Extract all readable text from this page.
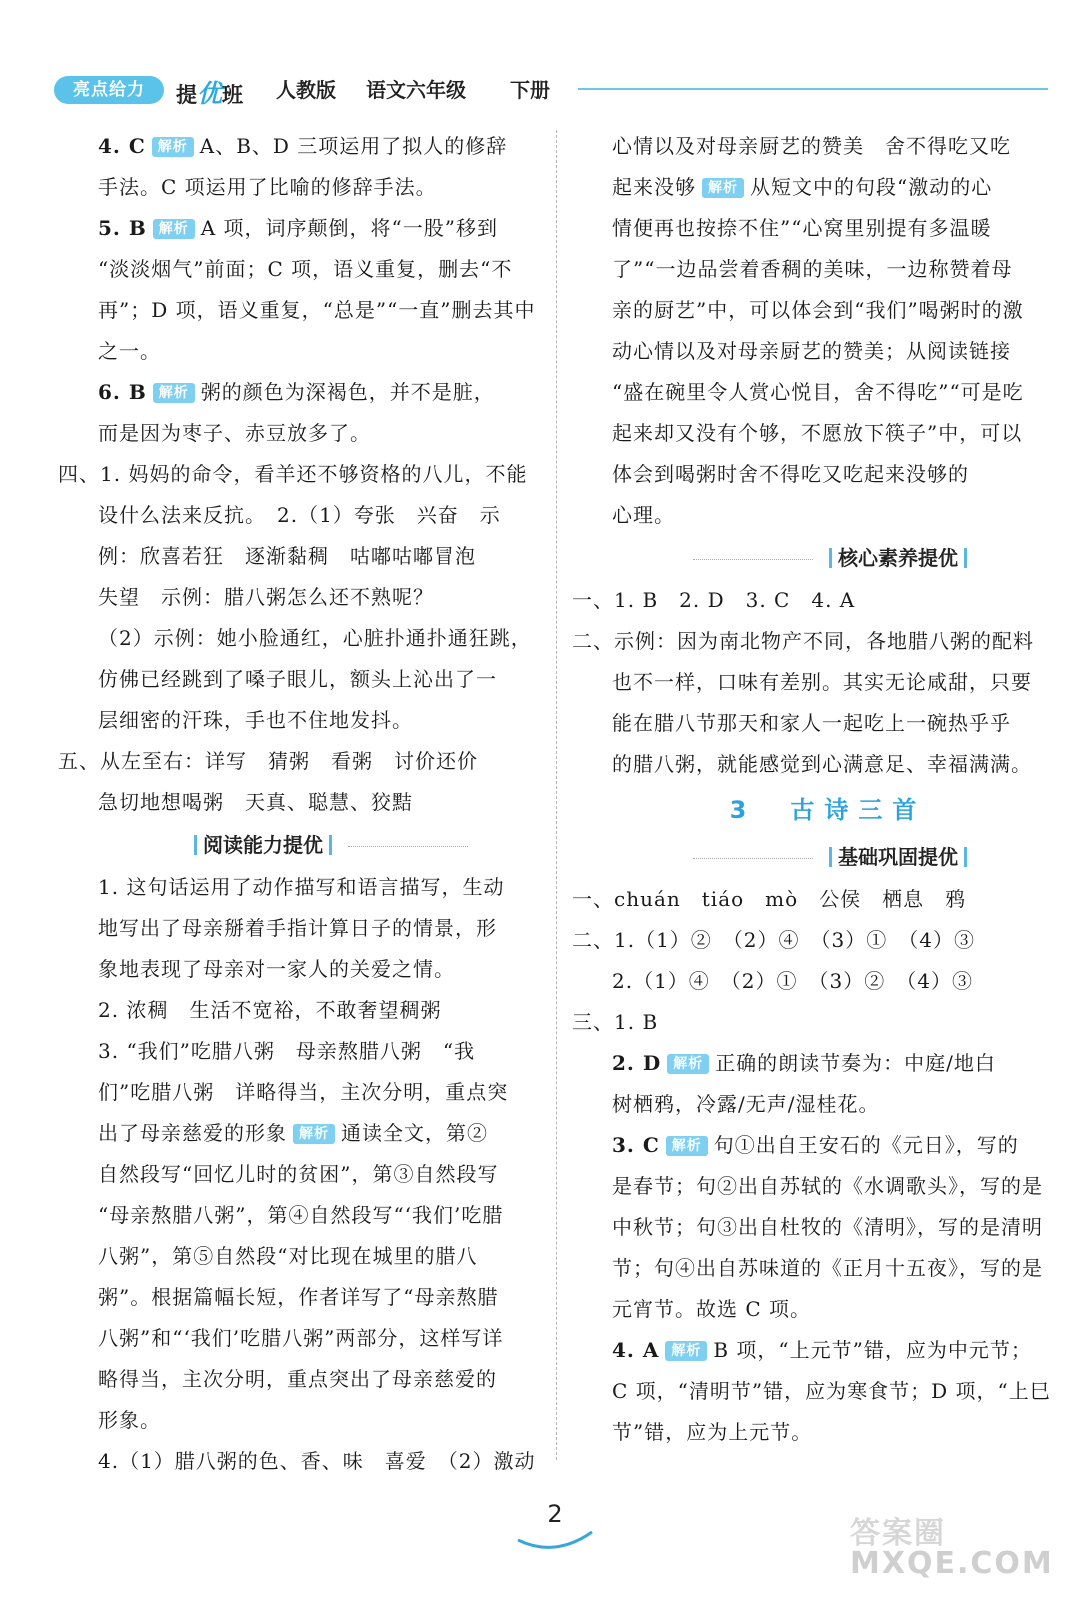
亮点给力	提优班 人教版 语文六年级 下册
4. C 解析 A、B、D 三项运用了拟人的修辞
手法。C 项运用了比喻的修辞手法。
5. B 解析 A 项，词序颠倒，将“一股”移到
“淡淡烟气”前面；C 项，语义重复，删去“不
再”；D 项，语义重复，“总是”“一直”删去其中
之一。
6. B 解析 粥的颜色为深褐色，并不是脏，
而是因为枣子、赤豆放多了。
四、1. 妈妈的命令，看羊还不够资格的八儿，不能
设什么法来反抗。　2.（1）夸张　兴奋　示
例：欣喜若狂　逐渐黏稠　咕嘟咕嘟冒泡
失望　示例：腊八粥怎么还不熟呢？
（2）示例：她小脸通红，心脏扑通扑通狂跳，
仿佛已经跳到了嗓子眼儿，额头上沁出了一
层细密的汗珠，手也不住地发抖。
五、从左至右：详写　猜粥　看粥　讨价还价
急切地想喝粥　天真、聪慧、狡黠
阅读能力提优
1. 这句话运用了动作描写和语言描写，生动
地写出了母亲掰着手指计算日子的情景，形
象地表现了母亲对一家人的关爱之情。
2. 浓稠　生活不宽裕，不敢奢望稠粥
3. “我们”吃腊八粥　母亲熬腊八粥　“我
们”吃腊八粥　详略得当，主次分明，重点突
出了母亲慈爱的形象 解析 通读全文，第②
自然段写“回忆儿时的贫困”，第③自然段写
“母亲熬腊八粥”，第④自然段写“‘我们’吃腊
八粥”，第⑤自然段“对比现在城里的腊八
粥”。根据篇幅长短，作者详写了“母亲熬腊
八粥”和“‘我们’吃腊八粥”两部分，这样写详
略得当，主次分明，重点突出了母亲慈爱的
形象。
4.（1）腊八粥的色、香、味　喜爱　（2）激动
心情以及对母亲厨艺的赞美　舍不得吃又吃
起来没够 解析 从短文中的句段“激动的心
情便再也按捺不住”“心窝里别提有多温暖
了”“一边品尝着香稠的美味，一边称赞着母
亲的厨艺”中，可以体会到“我们”喝粥时的激
动心情以及对母亲厨艺的赞美；从阅读链接
“盛在碗里令人赏心悦目，舍不得吃”“可是吃
起来却又没有个够，不愿放下筷子”中，可以
体会到喝粥时舍不得吃又吃起来没够的
心理。
核心素养提优
一、1. B　2. D　3. C　4. A
二、示例：因为南北物产不同，各地腊八粥的配料
也不一样，口味有差别。其实无论咸甜，只要
能在腊八节那天和家人一起吃上一碗热乎乎
的腊八粥，就能感觉到心满意足、幸福满满。
3　古诗三首
基础巩固提优
一、chuán　tiáo　mò　公侯　栖息　鸦
二、1.（1）②　（2）④　（3）①　（4）③
2.（1）④　（2）①　（3）②　（4）③
三、1. B
2. D 解析 正确的朗读节奏为：中庭/地白
树栖鸦，冷露/无声/湿桂花。
3. C 解析 句①出自王安石的《元日》，写的
是春节；句②出自苏轼的《水调歌头》，写的是
中秋节；句③出自杜牧的《清明》，写的是清明
节；句④出自苏味道的《正月十五夜》，写的是
元宵节。故选 C 项。
4. A 解析 B 项，“上元节”错，应为中元节；
C 项，“清明节”错，应为寒食节；D 项，“上巳
节”错，应为上元节。
2
答案圈
MXQE.COM
